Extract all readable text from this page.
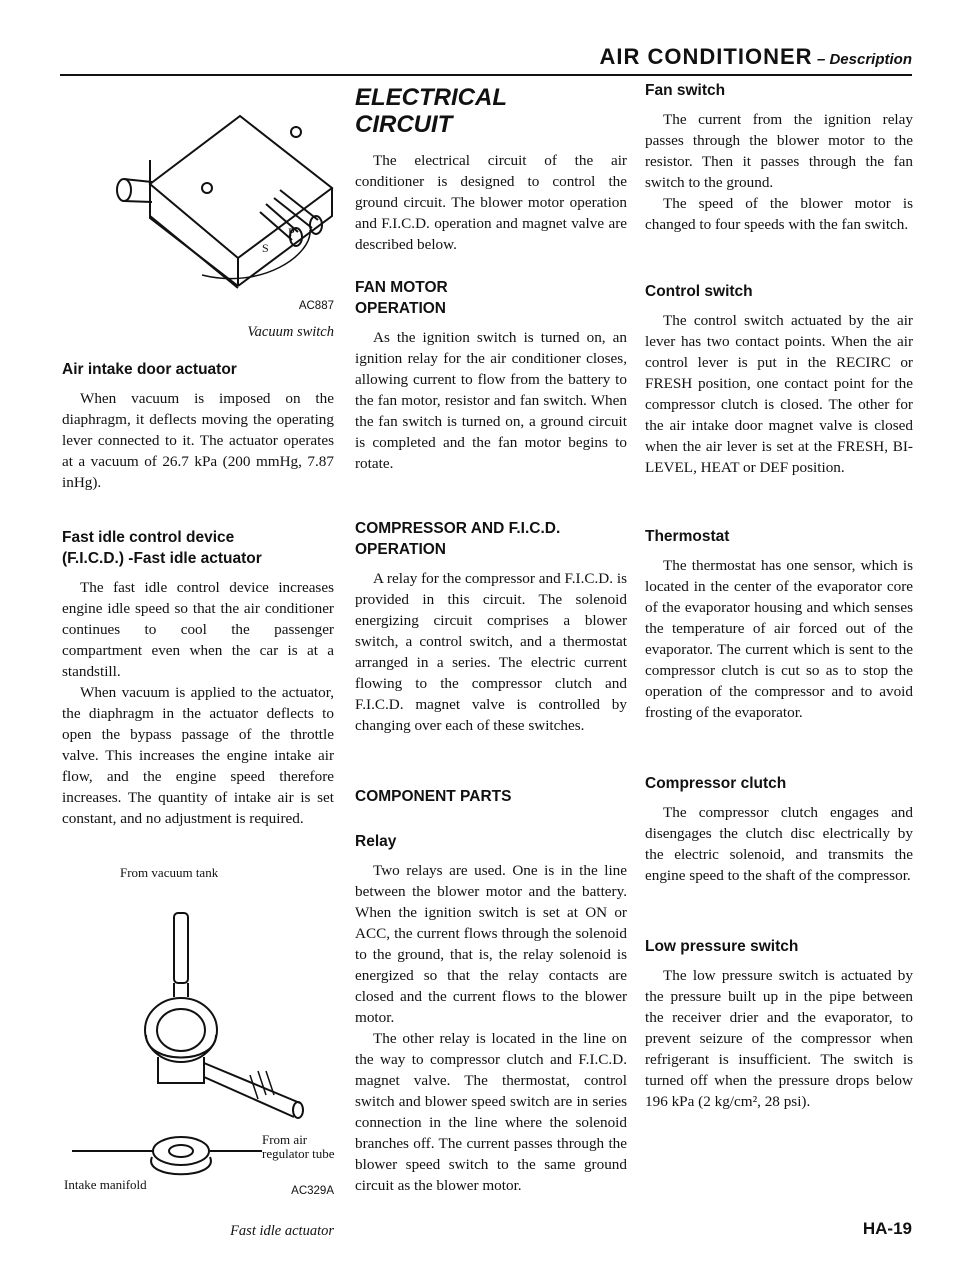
AIR CONDITIONER – Description
P
S
AC887
Vacuum switch
Air intake door actuator

When vacuum is imposed on the diaphragm, it deflects moving the operating lever connected to it. The actuator operates at a vacuum of 26.7 kPa (200 mmHg, 7.87 inHg).

Fast idle control device
(F.I.C.D.) -Fast idle actuator

The fast idle control device increases engine idle speed so that the air conditioner continues to cool the passenger compartment even when the car is at a standstill.

When vacuum is applied to the actuator, the diaphragm in the actuator deflects to open the bypass passage of the throttle valve. This increases the engine intake air flow, and the engine speed therefore increases. The quantity of intake air is set constant, and no adjustment is required.

From vacuum tank
From air regulator tube
Intake manifold	AC329A
Fast idle actuator
ELECTRICAL
CIRCUIT

The electrical circuit of the air conditioner is designed to control the ground circuit. The blower motor operation and F.I.C.D. operation and magnet valve are described below.

FAN MOTOR
OPERATION

As the ignition switch is turned on, an ignition relay for the air conditioner closes, allowing current to flow from the battery to the fan motor, resistor and fan switch. When the fan switch is turned on, a ground circuit is completed and the fan motor begins to rotate.

COMPRESSOR AND F.I.C.D.
OPERATION

A relay for the compressor and F.I.C.D. is provided in this circuit. The solenoid energizing circuit comprises a blower switch, a control switch, and a thermostat arranged in a series. The electric current flowing to the compressor clutch and F.I.C.D. magnet valve is controlled by changing over each of these switches.

COMPONENT PARTS
Relay

Two relays are used. One is in the line between the blower motor and the battery. When the ignition switch is set at ON or ACC, the current flows through the solenoid to the ground, that is, the relay solenoid is energized so that the relay contacts are closed and the current flows to the blower motor.

The other relay is located in the line on the way to compressor clutch and F.I.C.D. magnet valve. The thermostat, control switch and blower speed switch are in series connection in the line where the solenoid branches off. The current passes through the blower speed switch to the same ground circuit as the blower motor.

Fan switch

The current from the ignition relay passes through the blower motor to the resistor. Then it passes through the fan switch to the ground.

The speed of the blower motor is changed to four speeds with the fan switch.

Control switch

The control switch actuated by the air lever has two contact points. When the air control lever is put in the RECIRC or FRESH position, one contact point for the compressor clutch is closed. The other for the air intake door magnet valve is closed when the air lever is set at the FRESH, BI-LEVEL, HEAT or DEF position.

Thermostat

The thermostat has one sensor, which is located in the center of the evaporator core of the evaporator housing and which senses the temperature of air forced out of the evaporator. The current which is sent to the compressor clutch is cut so as to stop the operation of the compressor and to avoid frosting of the evaporator.

Compressor clutch

The compressor clutch engages and disengages the clutch disc electrically by the electric solenoid, and transmits the engine speed to the shaft of the compressor.

Low pressure switch

The low pressure switch is actuated by the pressure built up in the pipe between the receiver drier and the evaporator, to prevent seizure of the compressor when refrigerant is insufficient. The switch is turned off when the pressure drops below 196 kPa (2 kg/cm², 28 psi).

HA-19
